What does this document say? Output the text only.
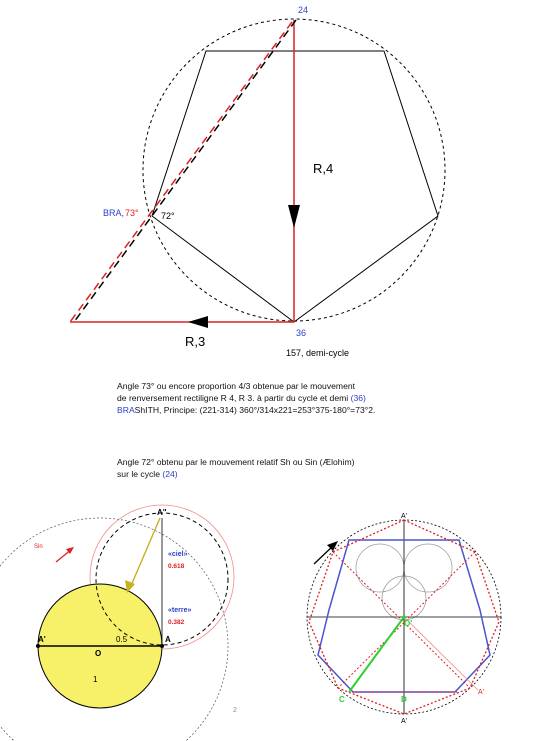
24
36
R,4
R,3
BRA, 73° 72°
157, demi-cycle
A"
«ciel»
0.618
«terre»
0.382
A'	A
O
0.5
1
Sin
A'
O'
C	D
A'
A'
2
Angle 73° ou encore proportion 4/3 obtenue par le mouvement
de renversement rectiligne R 4, R 3. à partir du cycle et demi (36)
BRAShITH, Principe: (221-314) 360°/314x221=253°375-180°=73°2.
Angle 72° obtenu par le mouvement relatif Sh ou Sin (Ælohim)
sur le cycle (24)
